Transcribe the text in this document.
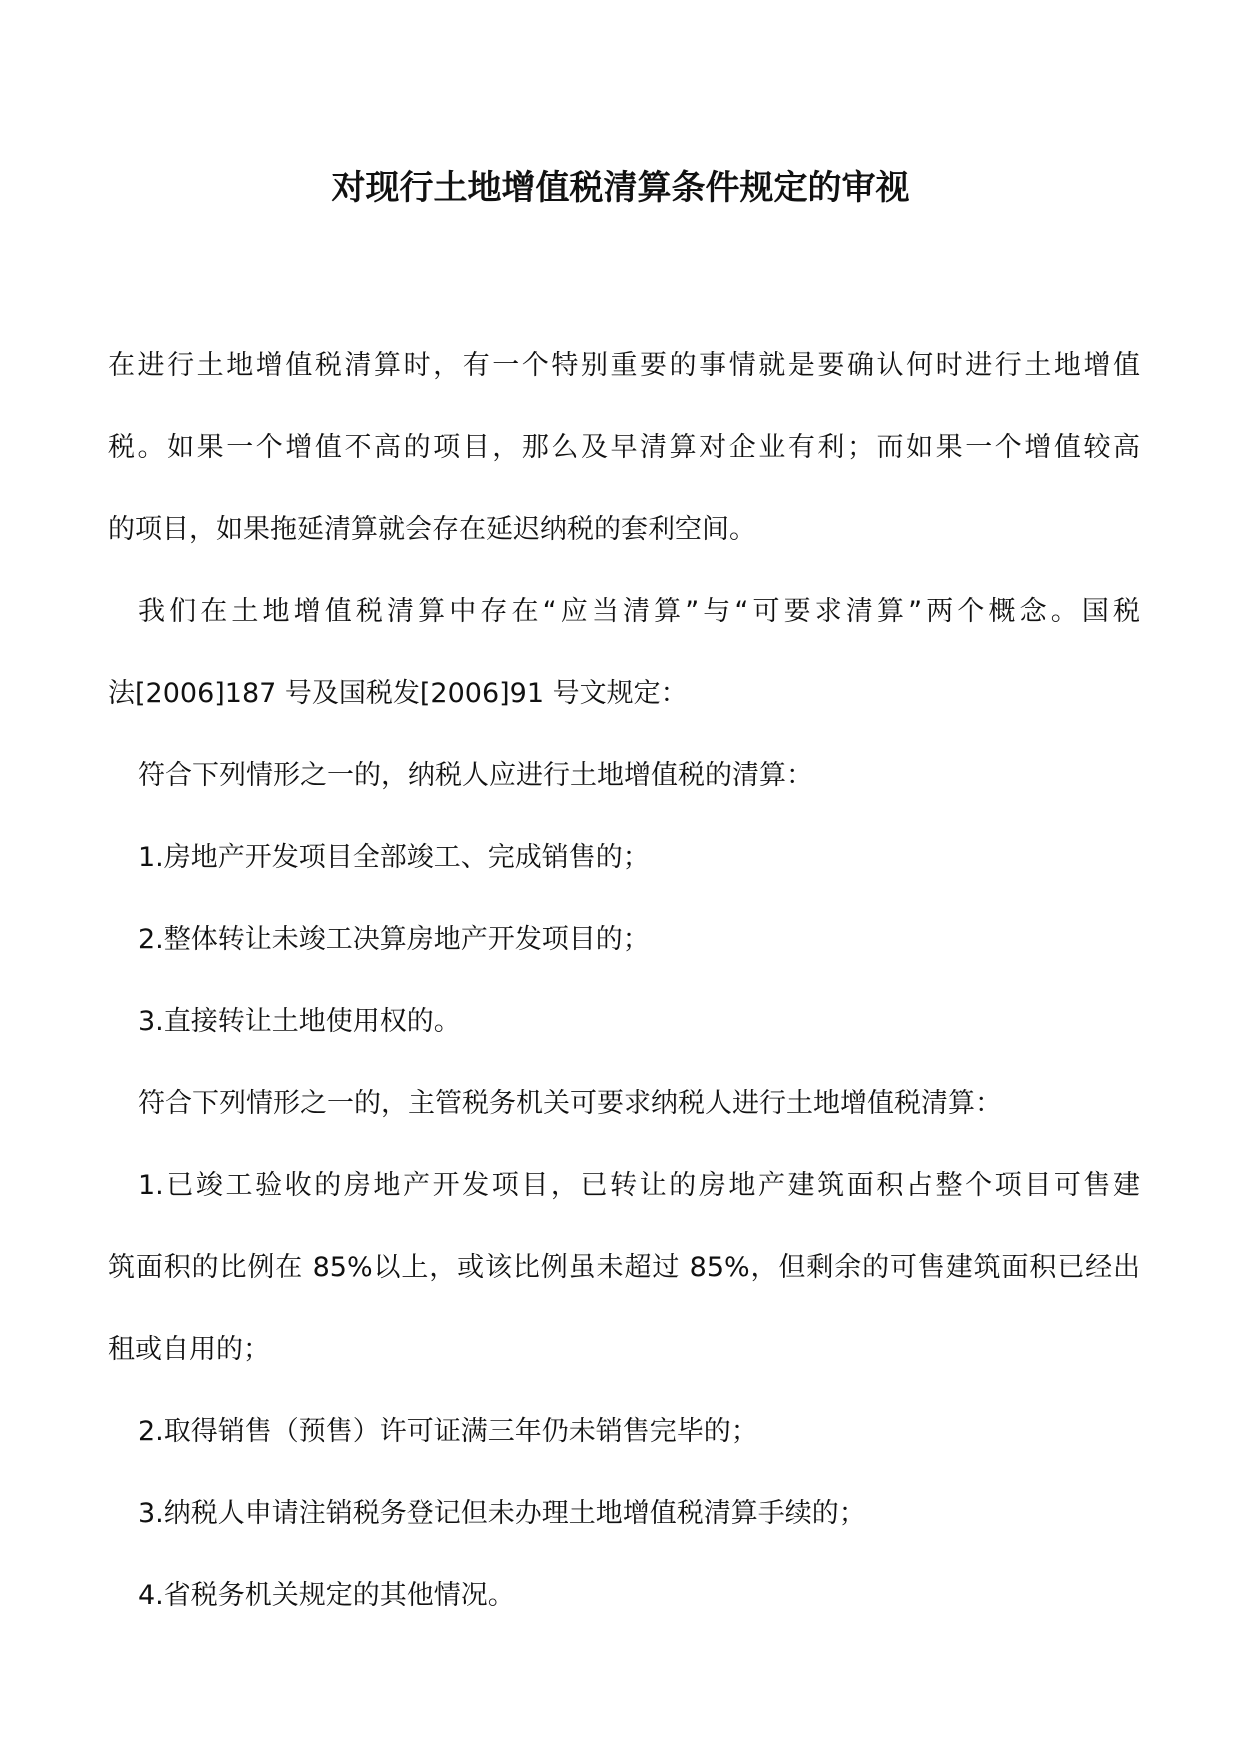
对现行土地增值税清算条件规定的审视

在进行土地增值税清算时，有一个特别重要的事情就是要确认何时进行土地增值

税。如果一个增值不高的项目，那么及早清算对企业有利；而如果一个增值较高

的项目，如果拖延清算就会存在延迟纳税的套利空间。

我们在土地增值税清算中存在“应当清算”与“可要求清算”两个概念。国税

法[2006]187 号及国税发[2006]91 号文规定：

符合下列情形之一的，纳税人应进行土地增值税的清算：

1.房地产开发项目全部竣工、完成销售的；

2.整体转让未竣工决算房地产开发项目的；

3.直接转让土地使用权的。

符合下列情形之一的，主管税务机关可要求纳税人进行土地增值税清算：

1.已竣工验收的房地产开发项目，已转让的房地产建筑面积占整个项目可售建

筑面积的比例在 85%以上，或该比例虽未超过 85%，但剩余的可售建筑面积已经出

租或自用的；

2.取得销售（预售）许可证满三年仍未销售完毕的；

3.纳税人申请注销税务登记但未办理土地增值税清算手续的；

4.省税务机关规定的其他情况。
